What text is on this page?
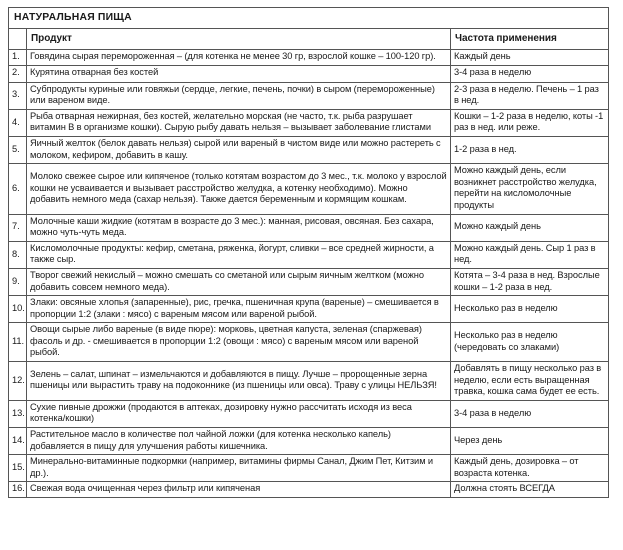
НАТУРАЛЬНАЯ ПИЩА		
	Продукт	Частота применения
1.	Говядина сырая перемороженная – (для котенка не менее 30 гр, взрослой кошке – 100-120 гр).	Каждый день
2.	Курятина отварная без костей	3-4 раза в неделю
3.	Субпродукты куриные или говяжьи (сердце, легкие, печень, почки) в сыром (перемороженные) или вареном виде.	2-3 раза в неделю. Печень – 1 раз в нед.
4.	Рыба отварная нежирная, без костей, желательно морская (не часто, т.к. рыба разрушает витамин В в организме кошки). Сырую рыбу давать нельзя – вызывает заболевание глистами	Кошки – 1-2 раза в неделю, коты -1 раз в нед. или реже.
5.	Яичный желток (белок давать нельзя) сырой или вареный в чистом виде или можно растереть с молоком, кефиром, добавить в кашу.	1-2 раза в нед.
6.	Молоко свежее сырое или кипяченое (только котятам возрастом до 3 мес., т.к. молоко у взрослой кошки не усваивается и вызывает расстройство желудка, а котенку необходимо). Можно добавить немного меда (сахар нельзя). Также дается беременным и кормящим кошкам.	Можно каждый день, если возникнет расстройство желудка, перейти на кисломолочные продукты
7.	Молочные каши жидкие (котятам в возрасте до 3 мес.): манная, рисовая, овсяная. Без сахара, можно чуть-чуть меда.	Можно каждый день
8.	Кисломолочные продукты: кефир, сметана, ряженка, йогурт, сливки – все средней жирности, а также сыр.	Можно каждый день. Сыр 1 раз в нед.
9.	Творог свежий некислый – можно смешать со сметаной или сырым яичным желтком (можно добавить совсем немного меда).	Котята – 3-4 раза в нед. Взрослые кошки – 1-2 раза в нед.
10.	Злаки: овсяные хлопья (запаренные), рис, гречка, пшеничная крупа (вареные) – смешивается в пропорции 1:2 (злаки : мясо) с вареным мясом или вареной рыбой.	Несколько раз в неделю
11.	Овощи сырые либо вареные (в виде пюре): морковь, цветная капуста, зеленая (спаржевая) фасоль и др. - смешивается в пропорции 1:2 (овощи : мясо) с вареным мясом или вареной рыбой.	Несколько раз в неделю (чередовать со злаками)
12.	Зелень – салат, шпинат – измельчаются и добавляются в пищу. Лучше – пророщенные зерна пшеницы или вырастить траву на подоконнике (из пшеницы или овса). Траву с улицы НЕЛЬЗЯ!	Добавлять в пищу несколько раз в неделю, если есть выращенная травка, кошка сама будет ее есть.
13.	Сухие пивные дрожжи (продаются в аптеках, дозировку нужно рассчитать исходя из веса котенка/кошки)	3-4 раза в неделю
14.	Растительное масло в количестве пол чайной ложки (для котенка несколько капель) добавляется в пищу для улучшения работы кишечника.	Через день
15.	Минерально-витаминные подкормки (например, витамины фирмы Санал, Джим Пет, Китзим и др.).	Каждый день, дозировка – от возраста котенка.
16.	Свежая вода очищенная через фильтр или кипяченая	Должна стоять ВСЕГДА
